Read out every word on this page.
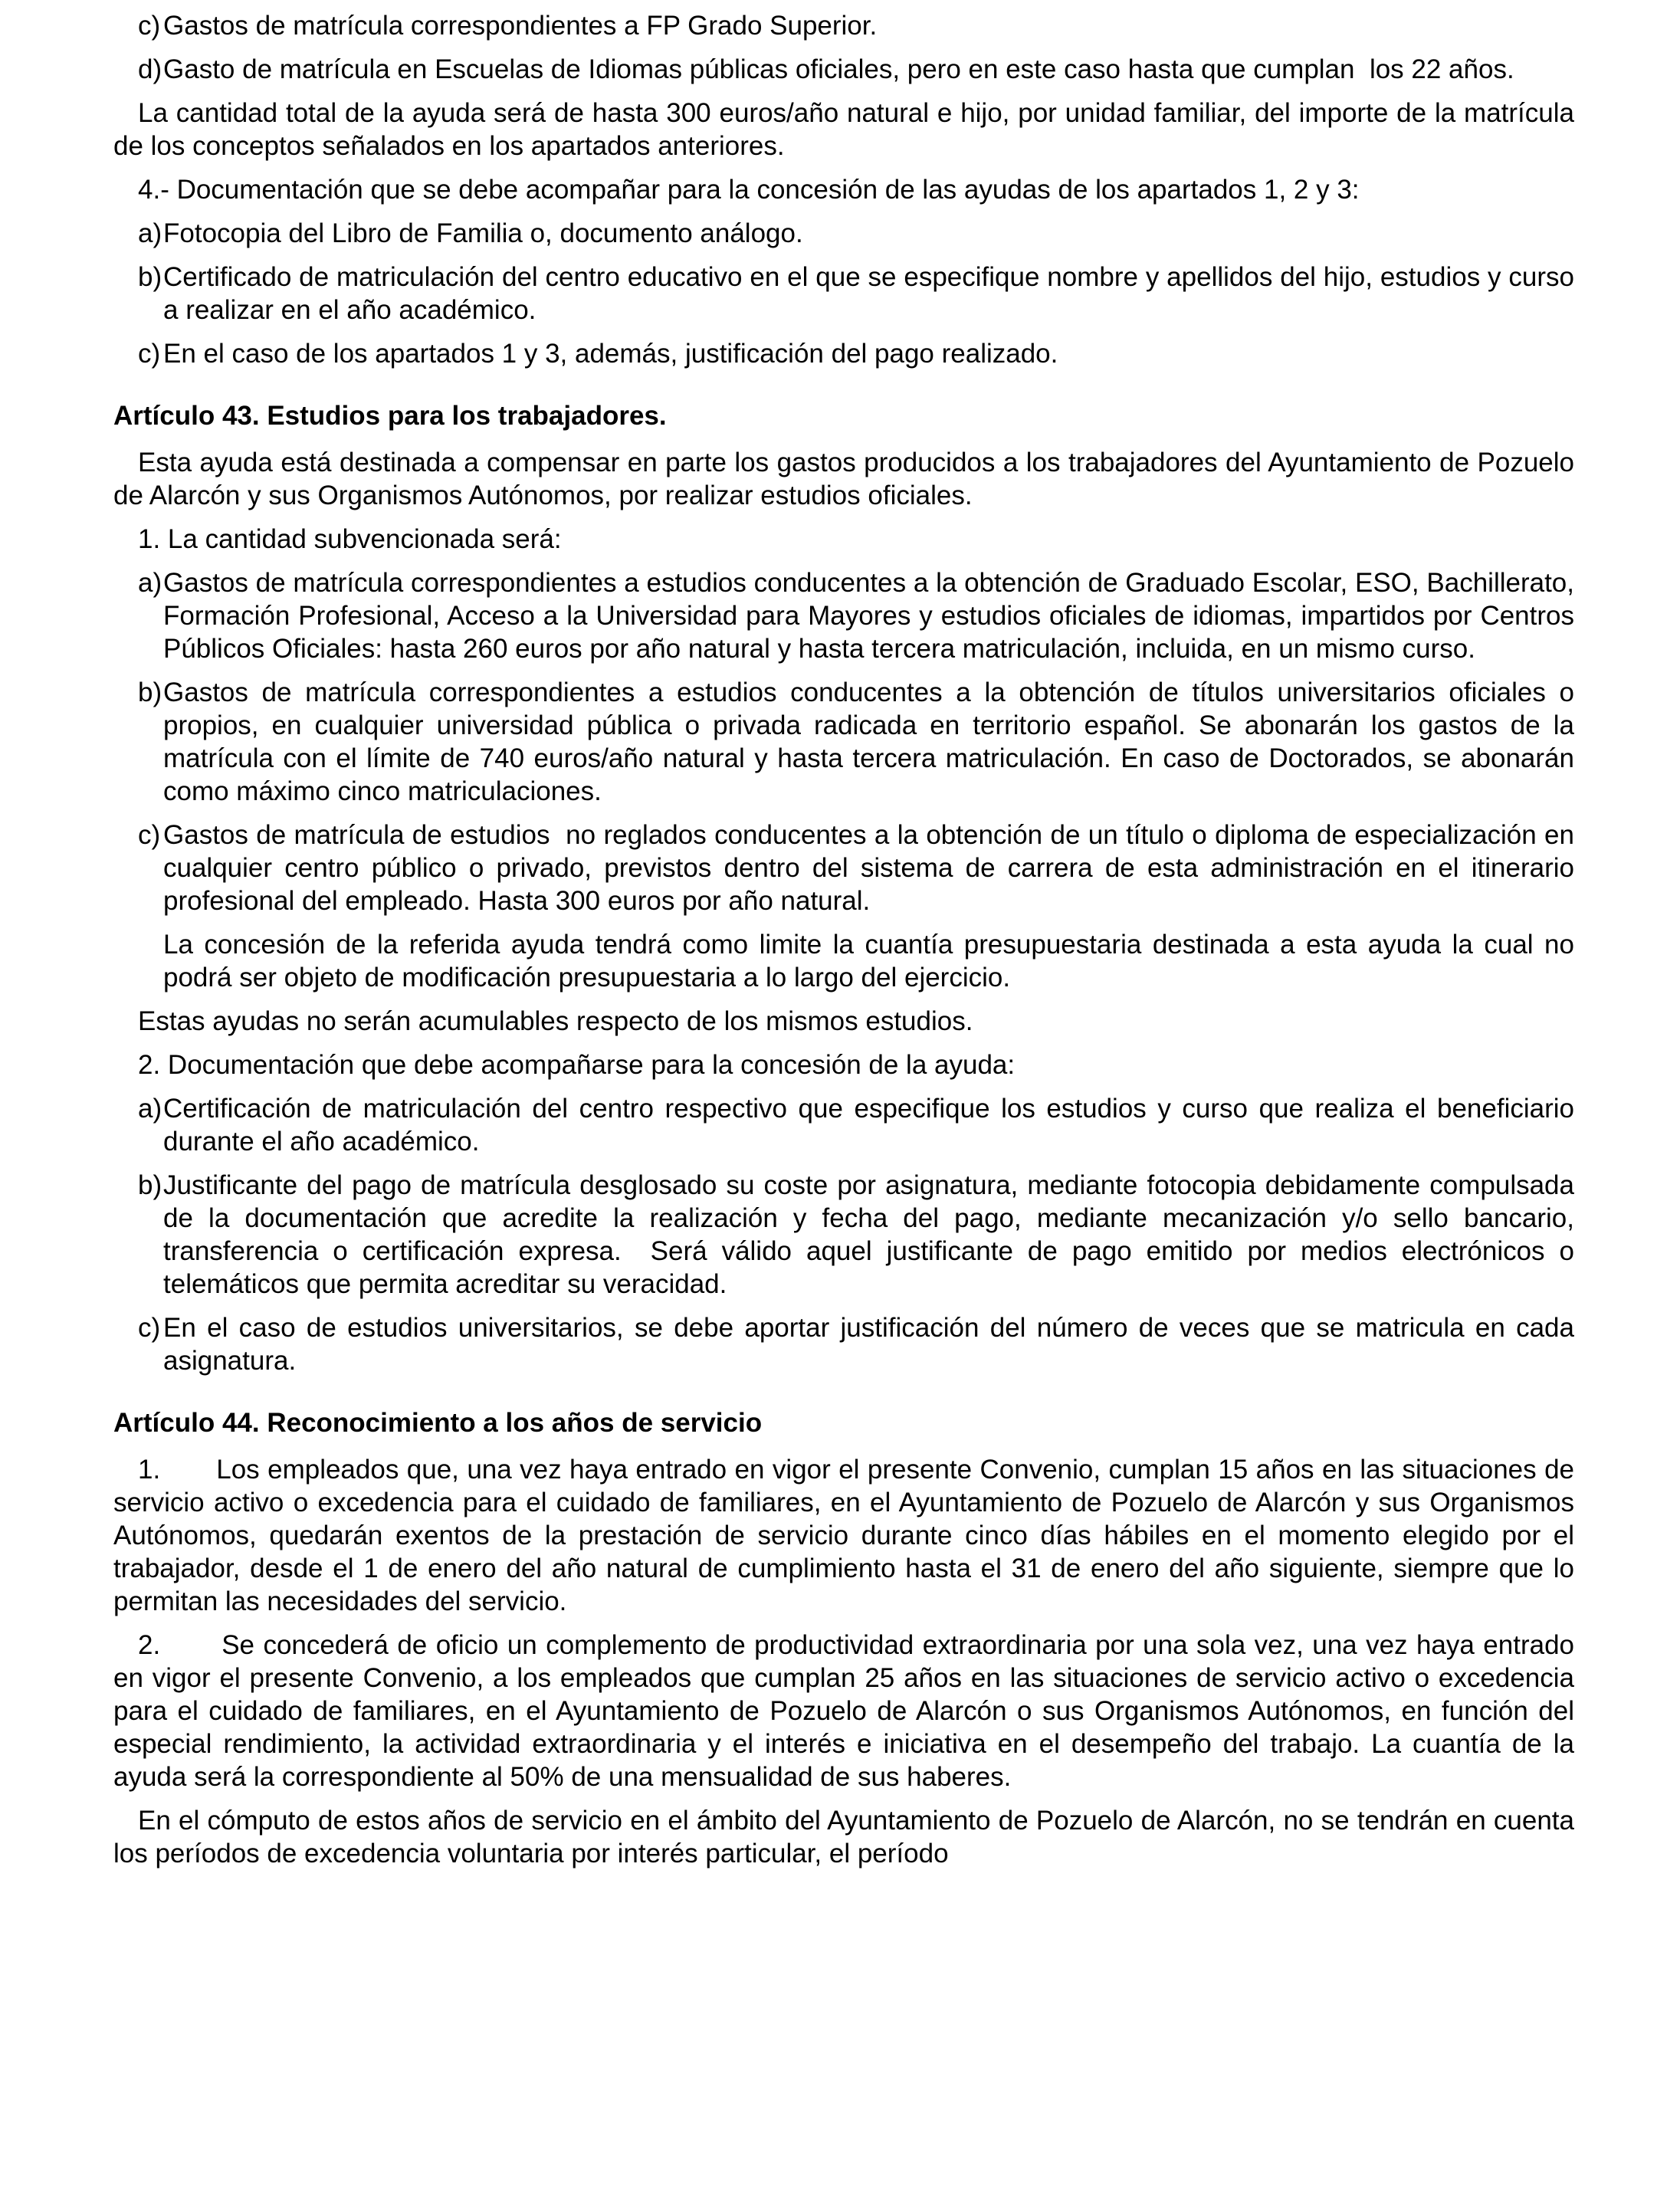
c) Gastos de matrícula correspondientes a FP Grado Superior.
d) Gasto de matrícula en Escuelas de Idiomas públicas oficiales, pero en este caso hasta que cumplan  los 22 años.
La cantidad total de la ayuda será de hasta 300 euros/año natural e hijo, por unidad familiar, del importe de la matrícula de los conceptos señalados en los apartados anteriores.
4.- Documentación que se debe acompañar para la concesión de las ayudas de los apartados 1, 2 y 3:
a) Fotocopia del Libro de Familia o, documento análogo.
b) Certificado de matriculación del centro educativo en el que se especifique nombre y apellidos del hijo, estudios y curso a realizar en el año académico.
c) En el caso de los apartados 1 y 3, además, justificación del pago realizado.
Artículo 43. Estudios para los trabajadores.
Esta ayuda está destinada a compensar en parte los gastos producidos a los trabajadores del Ayuntamiento de Pozuelo de Alarcón y sus Organismos Autónomos, por realizar estudios oficiales.
1. La cantidad subvencionada será:
a) Gastos de matrícula correspondientes a estudios conducentes a la obtención de Graduado Escolar, ESO, Bachillerato, Formación Profesional, Acceso a la Universidad para Mayores y estudios oficiales de idiomas, impartidos por Centros Públicos Oficiales: hasta 260 euros por año natural y hasta tercera matriculación, incluida, en un mismo curso.
b) Gastos de matrícula correspondientes a estudios conducentes a la obtención de títulos universitarios oficiales o propios, en cualquier universidad pública o privada radicada en territorio español. Se abonarán los gastos de la matrícula con el límite de 740 euros/año natural y hasta tercera matriculación. En caso de Doctorados, se abonarán como máximo cinco matriculaciones.
c) Gastos de matrícula de estudios  no reglados conducentes a la obtención de un título o diploma de especialización en cualquier centro público o privado, previstos dentro del sistema de carrera de esta administración en el itinerario profesional del empleado. Hasta 300 euros por año natural.
La concesión de la referida ayuda tendrá como limite la cuantía presupuestaria destinada a esta ayuda la cual no podrá ser objeto de modificación presupuestaria a lo largo del ejercicio.
Estas ayudas no serán acumulables respecto de los mismos estudios.
2. Documentación que debe acompañarse para la concesión de la ayuda:
a) Certificación de matriculación del centro respectivo que especifique los estudios y curso que realiza el beneficiario durante el año académico.
b) Justificante del pago de matrícula desglosado su coste por asignatura, mediante fotocopia debidamente compulsada de la documentación que acredite la realización y fecha del pago, mediante mecanización y/o sello bancario, transferencia o certificación expresa.  Será válido aquel justificante de pago emitido por medios electrónicos o telemáticos que permita acreditar su veracidad.
c) En el caso de estudios universitarios, se debe aportar justificación del número de veces que se matricula en cada asignatura.
Artículo 44. Reconocimiento a los años de servicio
1.       Los empleados que, una vez haya entrado en vigor el presente Convenio, cumplan 15 años en las situaciones de servicio activo o excedencia para el cuidado de familiares, en el Ayuntamiento de Pozuelo de Alarcón y sus Organismos Autónomos, quedarán exentos de la prestación de servicio durante cinco días hábiles en el momento elegido por el trabajador, desde el 1 de enero del año natural de cumplimiento hasta el 31 de enero del año siguiente, siempre que lo permitan las necesidades del servicio.
2.       Se concederá de oficio un complemento de productividad extraordinaria por una sola vez, una vez haya entrado en vigor el presente Convenio, a los empleados que cumplan 25 años en las situaciones de servicio activo o excedencia para el cuidado de familiares, en el Ayuntamiento de Pozuelo de Alarcón o sus Organismos Autónomos, en función del especial rendimiento, la actividad extraordinaria y el interés e iniciativa en el desempeño del trabajo. La cuantía de la ayuda será la correspondiente al 50% de una mensualidad de sus haberes.
En el cómputo de estos años de servicio en el ámbito del Ayuntamiento de Pozuelo de Alarcón, no se tendrán en cuenta los períodos de excedencia voluntaria por interés particular, el período
